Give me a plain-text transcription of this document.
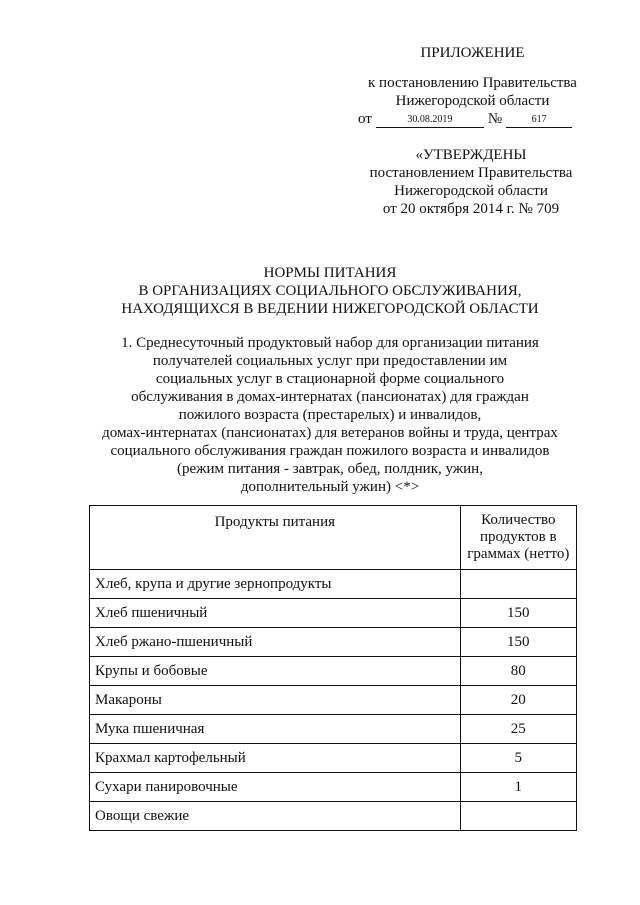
ПРИЛОЖЕНИЕ

к постановлению Правительства

Нижегородской области

от	30.08.2019	№	617

«УТВЕРЖДЕНЫ

постановлением Правительства

Нижегородской области

от 20 октября 2014 г. № 709

НОРМЫ ПИТАНИЯ

В ОРГАНИЗАЦИЯХ СОЦИАЛЬНОГО ОБСЛУЖИВАНИЯ,

НАХОДЯЩИХСЯ В ВЕДЕНИИ НИЖЕГОРОДСКОЙ ОБЛАСТИ

1. Среднесуточный продуктовый набор для организации питания

получателей социальных услуг при предоставлении им

социальных услуг в стационарной форме социального

обслуживания в домах-интернатах (пансионатах) для граждан

пожилого возраста (престарелых) и инвалидов,

домах-интернатах (пансионатах) для ветеранов войны и труда, центрах

социального обслуживания граждан пожилого возраста и инвалидов

(режим питания - завтрак, обед, полдник, ужин,

дополнительный ужин) <*>

Продукты питания	Количество
продуктов в
граммах (нетто)

Хлеб, крупа и другие зернопродукты	
Хлеб пшеничный	150
Хлеб ржано-пшеничный	150
Крупы и бобовые	80
Макароны	20
Мука пшеничная	25
Крахмал картофельный	5
Сухари панировочные	1
Овощи свежие	
